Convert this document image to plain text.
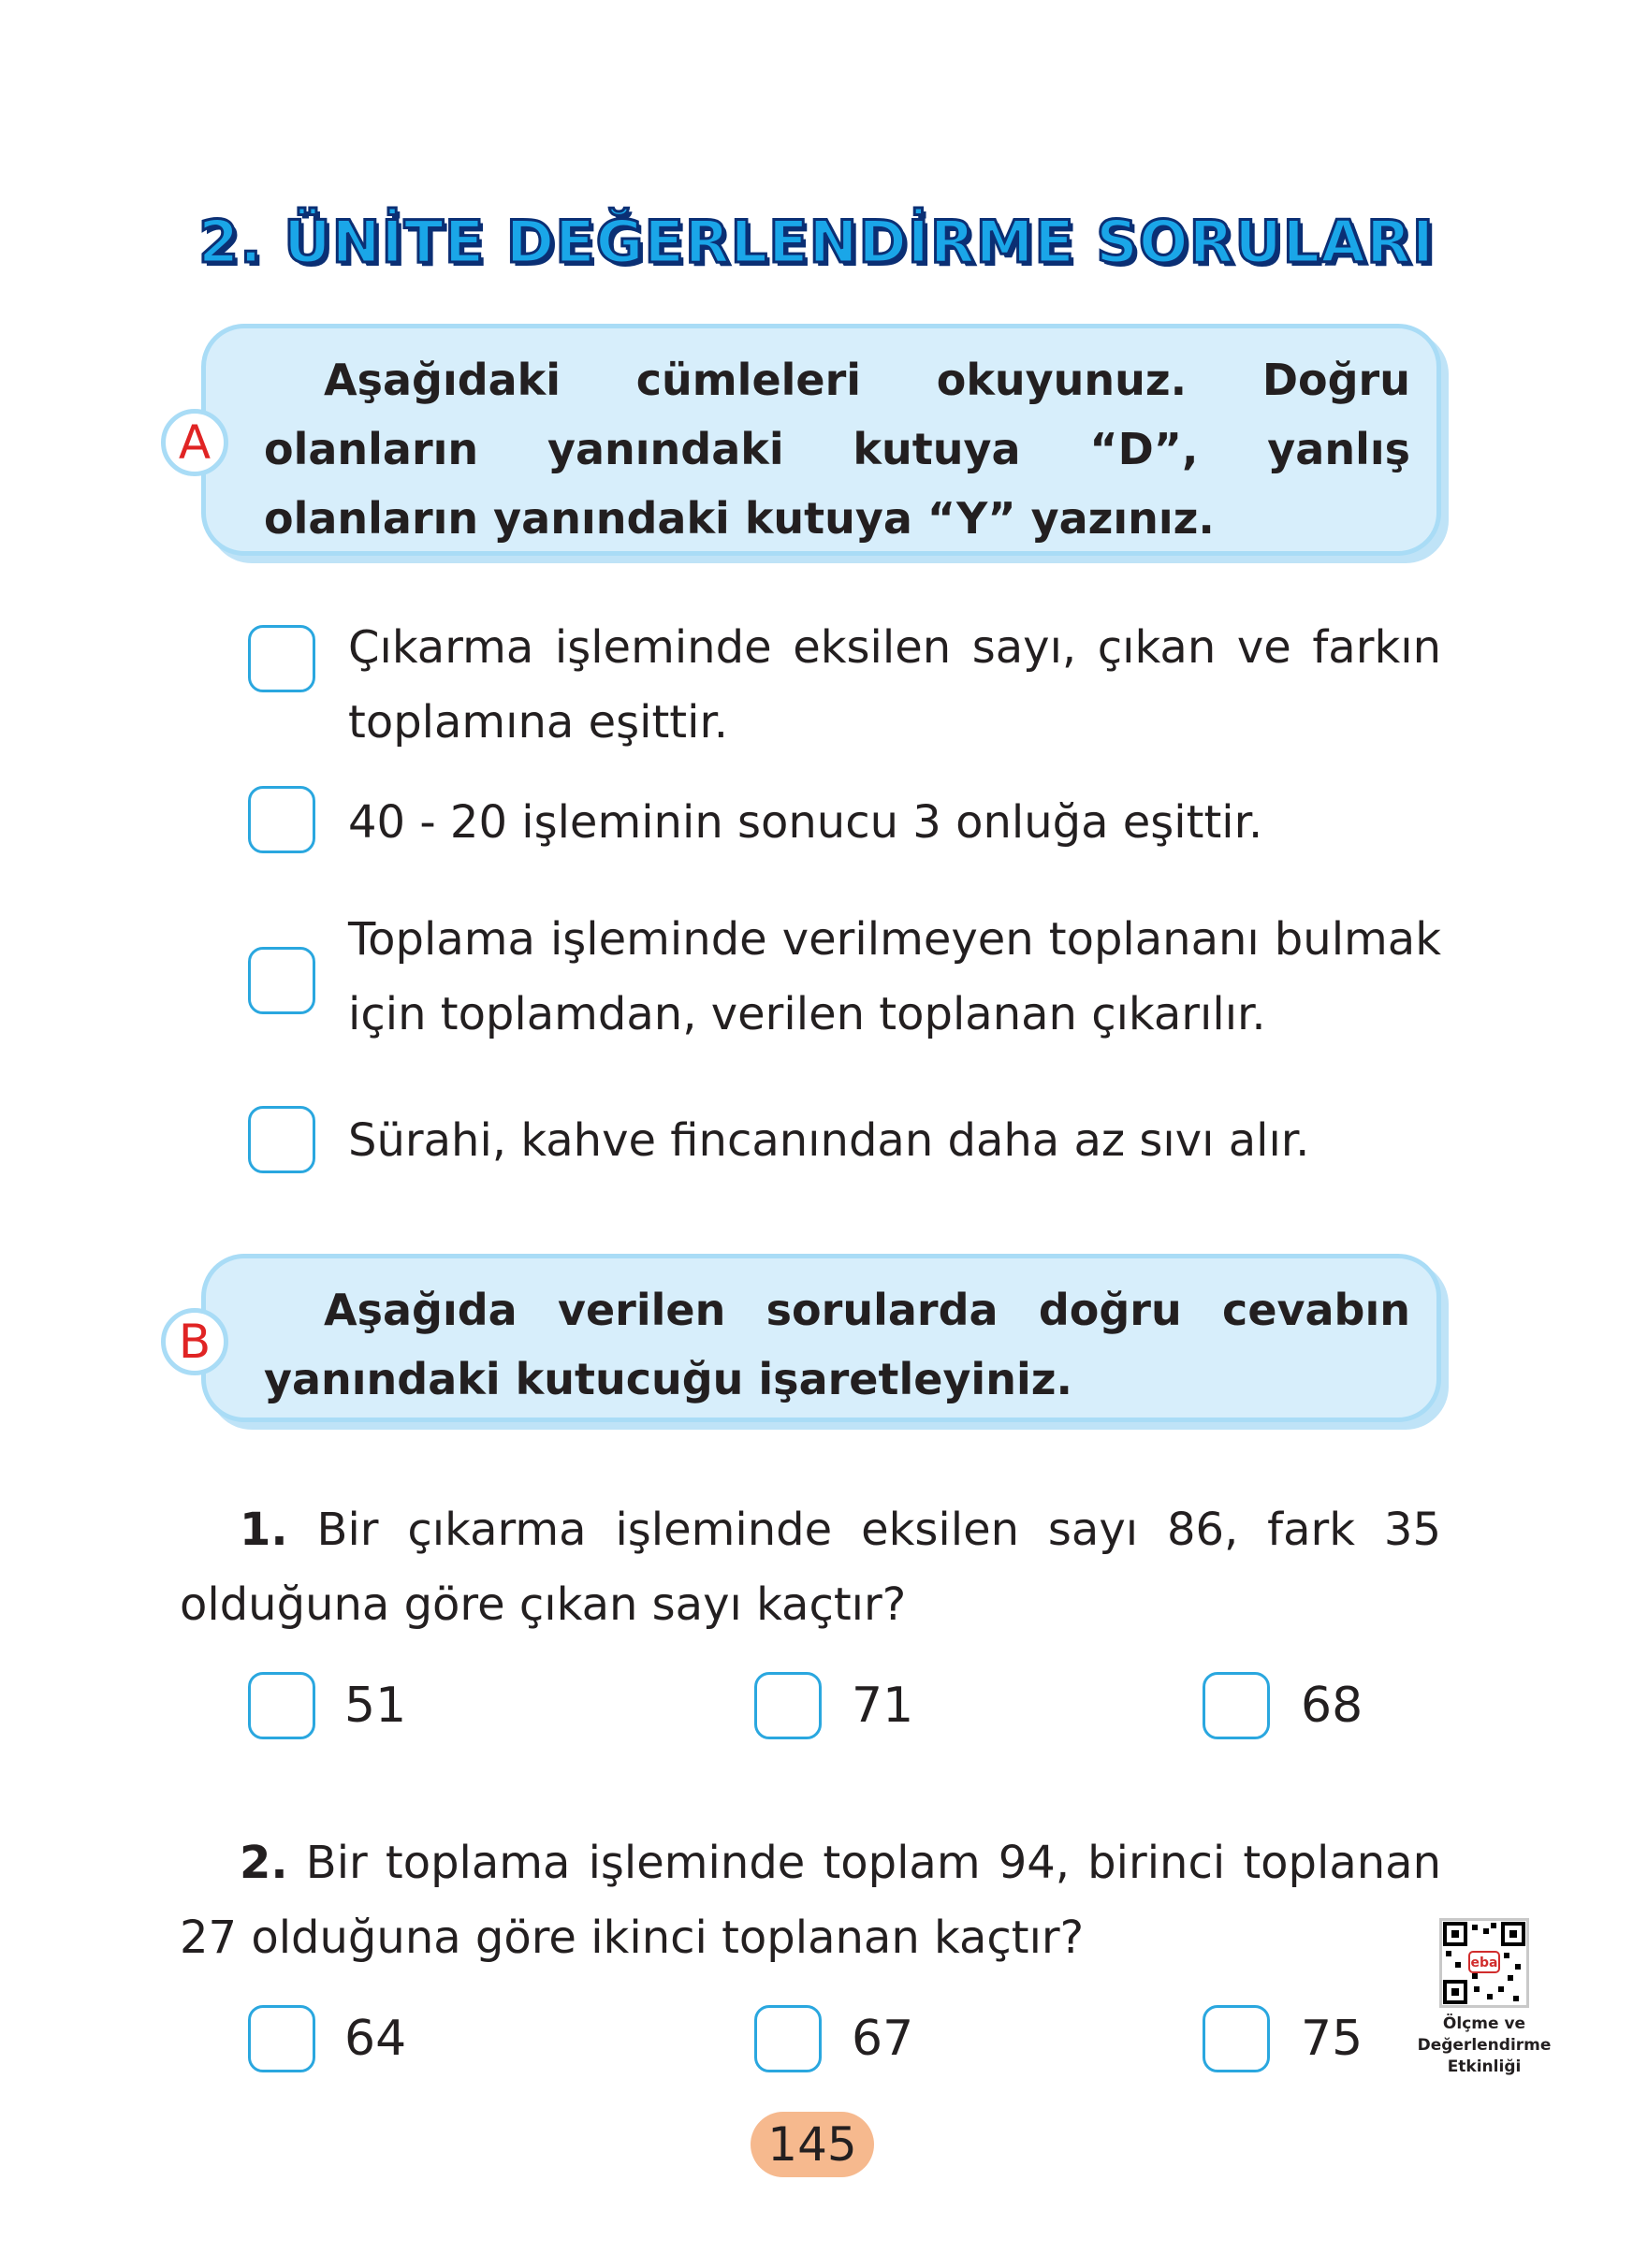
2. ÜNİTE DEĞERLENDİRME SORULARI
Aşağıdaki cümleleri okuyunuz. Doğru olanların yanındaki kutuya “D”, yanlış olanların yanındaki kutuya “Y” yazınız.
A
Çıkarma işleminde eksilen sayı, çıkan ve farkın toplamına eşittir.
40 - 20 işleminin sonucu 3 onluğa eşittir.
Toplama işleminde verilmeyen toplananı bulmak için toplamdan, verilen toplanan çıkarılır.
Sürahi, kahve fincanından daha az sıvı alır.
Aşağıda verilen sorularda doğru cevabın yanındaki kutucuğu işaretleyiniz.
B
1. Bir çıkarma işleminde eksilen sayı 86, fark 35 olduğuna göre çıkan sayı kaçtır?
51	71	68
2. Bir toplama işleminde toplam 94, birinci toplanan 27 olduğuna göre ikinci toplanan kaçtır?
64	67	75
eba
Ölçme ve
Değerlendirme
Etkinliği
145
